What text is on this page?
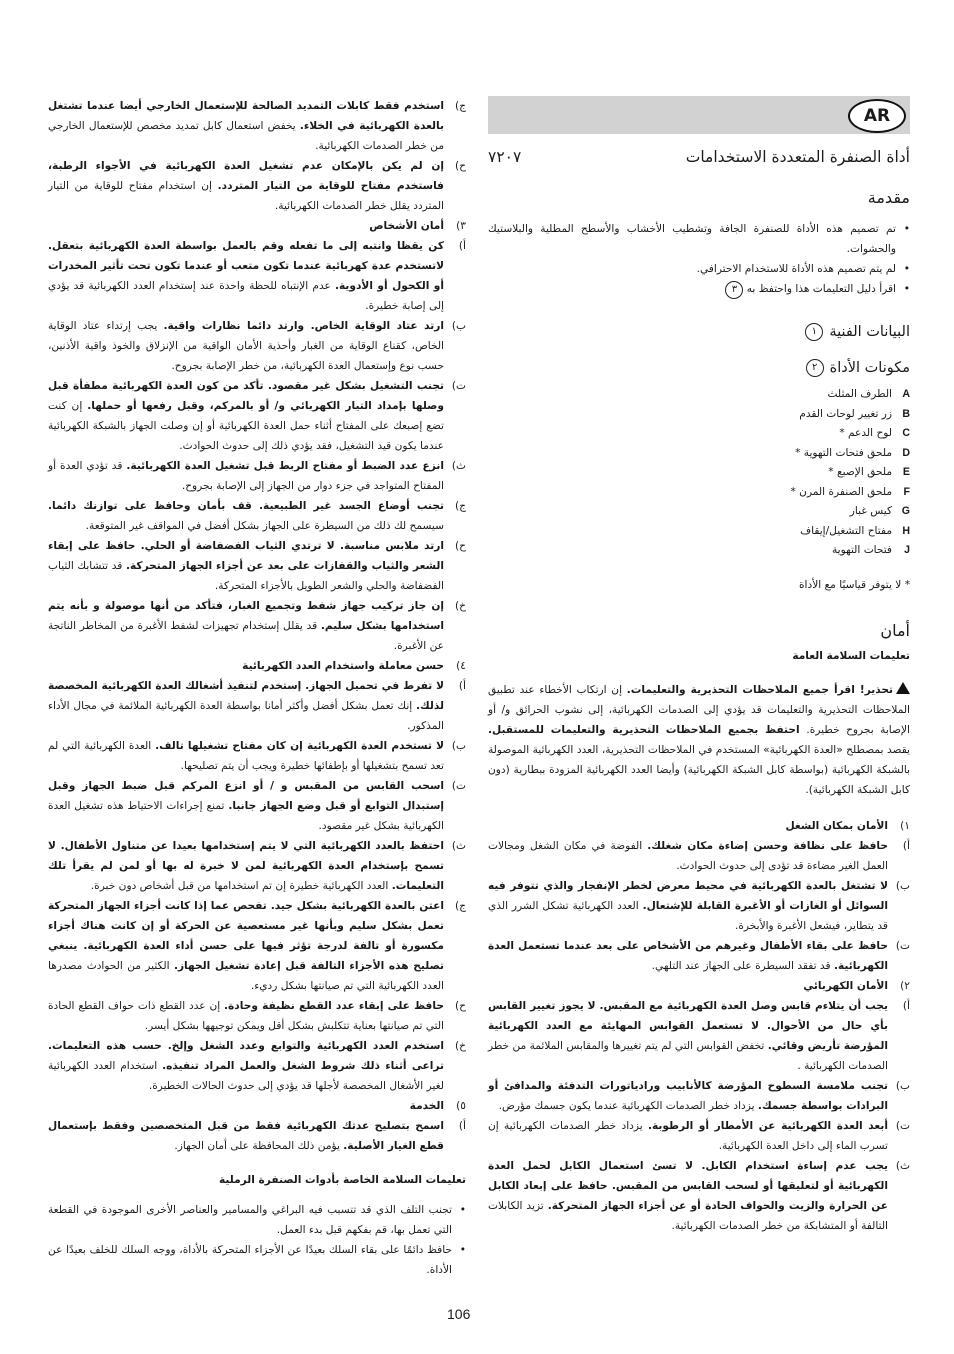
AR
أداة الصنفرة المتعددة الاستخدامات
٧٢٠٧
مقدمة
• تم تصميم هذه الأداة للصنفرة الجافة وتشطيب الأخشاب والأسطح المطلية والبلاستيك والحشوات.
• لم يتم تصميم هذه الأداة للاستخدام الاحترافي.
• اقرأ دليل التعليمات هذا واحتفظ به ٣
البيانات الفنية
١
مكونات الأداة
٢
Aالطرف المثلث
Bزر تغيير لوحات القدم
Cلوح الدعم *
Dملحق فتحات التهوية *
Eملحق الإصبع *
Fملحق الصنفرة المرن *
Gكيس غبار
Hمفتاح التشغيل/إيقاف
Jفتحات التهوية

* لا يتوفر قياسيًا مع الأداة

أمان

تعليمات السلامة العامة

تحذير! اقرأ جميع الملاحظات التحذيرية والتعليمات. إن ارتكاب الأخطاء عند تطبيق الملاحظات التحذيرية والتعليمات قد يؤدي إلى الصدمات الكهربائية، إلى نشوب الحرائق و/ أو الإصابة بجروح خطيرة. احتفظ بجميع الملاحظات التحذيرية والتعليمات للمستقبل. يقصد بمصطلح «العدة الكهربائية» المستخدم في الملاحظات التحذيرية، العدد الكهربائية الموصولة بالشبكة الكهربائية (بواسطة كابل الشبكة الكهربائية) وأيضا العدد الكهربائية المزودة ببطارية (دون كابل الشبكة الكهربائية).

١)

الأمان بمكان الشغل

أ)

حافظ على نظافة وحسن إضاءة مكان شغلك. الفوضة في مكان الشغل ومجالات العمل الغير مضاءة قد تؤدى إلى حدوث الحوادث.

ب)

لا تشتغل بالعدة الكهربائية في محيط معرض لخطر الإنفجار والذي تتوفر فيه السوائل أو الغازات أو الأغبرة القابلة للإشتعال. العدد الكهربائية تشكل الشرر الذي قد يتطاير، فيشعل الأغبرة والأبخرة.

ت)

حافظ على بقاء الأطفال وغيرهم من الأشخاص على بعد عندما تستعمل العدة الكهربائية. قد تفقد السيطرة على الجهاز عند التلهي.

٢)

الأمان الكهربائي

أ)

يجب أن يتلاءم قابس وصل العدة الكهربائية مع المقبس. لا يجوز تغيير القابس بأي حال من الأحوال. لا تستعمل القوابس المهايئة مع العدد الكهربائية المؤرضة تأريض وقائي. تخفض القوابس التي لم يتم تغييرها والمقابس الملائمة من خطر الصدمات الكهربائية .

ب)

تجنب ملامسة السطوح المؤرضة كالأنابيب ورادياتورات التدفئة والمدافئ أو البرادات بواسطة جسمك. يزداد خطر الصدمات الكهربائية عندما يكون جسمك مؤرض.

ت)

أبعد العدة الكهربائية عن الأمطار أو الرطوبة. يزداد خطر الصدمات الكهربائية إن تسرب الماء إلى داخل العدة الكهربائية.

ث)

يجب عدم إساءة استخدام الكابل. لا تسئ استعمال الكابل لحمل العدة الكهربائية أو لتعليقها أو لسحب القابس من المقبس. حافظ على إبعاد الكابل عن الحرارة والزيت والحواف الحادة أو عن أجزاء الجهاز المتحركة. تزيد الكابلات التالفة أو المتشابكة من خطر الصدمات الكهربائية.

ج)

استخدم فقط كابلات التمديد الصالحة للإستعمال الخارجي أيضا عندما تشتغل بالعدة الكهربائية في الخلاء. يخفض استعمال كابل تمديد مخصص للإستعمال الخارجي من خطر الصدمات الكهربائية.

ح)

إن لم يكن بالإمكان عدم تشغيل العدة الكهربائية في الأجواء الرطبة، فاستخدم مفتاح للوقاية من التيار المتردد. إن استخدام مفتاح للوقاية من التيار المتردد يقلل خطر الصدمات الكهربائية.

٣)

أمان الأشخاص

أ)

كن يقظا وانتبه إلى ما تفعله وقم بالعمل بواسطة العدة الكهربائية بتعقل. لاتستخدم عدة كهربائية عندما تكون متعب أو عندما تكون تحت تأثير المخدرات أو الكحول أو الأدوية. عدم الإنتباه للحظة واحدة عند إستخدام العدد الكهربائية قد يؤدي إلى إصابة خطيرة.

ب)

ارتد عتاد الوقاية الخاص. وارتد دائما نظارات واقية. يجب إرتداء عتاد الوقاية الخاص، كقناع الوقاية من الغبار وأحذية الأمان الواقية من الإنزلاق والخوذ واقية الأذنين، حسب نوع وإستعمال العدة الكهربائية، من خطر الإصابة بجروح.

ت)

تجنب التشغيل بشكل غير مقصود. تأكد من كون العدة الكهربائية مطفأة قبل وصلها بإمداد التيار الكهربائي و/ أو بالمركم، وقبل رفعها أو حملها. إن كنت تضع إصبعك على المفتاح أثناء حمل العدة الكهربائية أو إن وصلت الجهاز بالشبكة الكهربائية عندما يكون قيد التشغيل، فقد يؤدي ذلك إلى حدوث الحوادث.

ث)

انزع عدد الضبط أو مفتاح الربط قبل تشغيل العدة الكهربائية. قد تؤدي العدة أو المفتاح المتواجد في جزء دوار من الجهاز إلى الإصابة بجروح.

ج)

تجنب أوضاع الجسد غير الطبيعية. قف بأمان وحافظ على توازنك دائما. سيسمح لك ذلك من السيطرة على الجهاز بشكل أفضل في المواقف غير المتوقعة.

ح)

ارتد ملابس مناسبة. لا ترتدي الثياب الفضفاضة أو الحلي. حافظ على إبقاء الشعر والثياب والقفازات على بعد عن أجزاء الجهاز المتحركة. قد تتشابك الثياب الفضفاضة والحلي والشعر الطويل بالأجزاء المتحركة.

خ)

إن جاز تركيب جهاز شفط وتجميع الغبار، فتأكد من أنها موصولة و بأنه يتم استخدامها بشكل سليم. قد يقلل إستخدام تجهيزات لشفط الأغبرة من المخاطر الناتجة عن الأغبرة.

٤)

حسن معاملة واستخدام العدد الكهربائية

أ)

لا تفرط في تحميل الجهاز. إستخدم لتنفيذ أشغالك العدة الكهربائية المخصصة لذلك. إنك تعمل بشكل أفضل وأكثر أمانا بواسطة العدة الكهربائية الملائمة في مجال الأداء المذكور.

ب)

لا تستخدم العدة الكهربائية إن كان مفتاح تشغيلها تالف. العدة الكهربائية التي لم تعد تسمح بتشغيلها أو بإطفائها خطيرة ويجب أن يتم تصليحها.

ت)

اسحب القابس من المقبس و / أو انزع المركم قبل ضبط الجهاز وقبل إستبدال التوابع أو قبل وضع الجهاز جانبا. تمنع إجراءات الاحتياط هذه تشغيل العدة الكهربائية بشكل غير مقصود.

ث)

احتفظ بالعدد الكهربائية التي لا يتم إستخدامها بعيدا عن متناول الأطفال. لا تسمح بإستخدام العدة الكهربائية لمن لا خبرة له بها أو لمن لم يقرأ تلك التعليمات. العدد الكهربائية خطيرة إن تم استخدامها من قبل أشخاص دون خبرة.

ج)

اعتن بالعدة الكهربائية بشكل جيد. تفحص عما إذا كانت أجزاء الجهاز المتحركة تعمل بشكل سليم وبأنها غير مستعصية عن الحركة أو إن كانت هناك أجزاء مكسورة أو تالفة لدرجة تؤثر فيها على حسن أداء العدة الكهربائية. ينبغي تصليح هذه الأجزاء التالفة قبل إعادة تشغيل الجهاز. الكثير من الحوادث مصدرها العدد الكهربائية التي تم صيانتها بشكل رديء.

ح)

حافظ على إبقاء عدد القطع نظيفة وحادة. إن عدد القطع ذات حواف القطع الحادة التي تم صيانتها بعناية تتكلبش بشكل أقل ويمكن توجيهها بشكل أيسر.

خ)

استخدم العدد الكهربائية والتوابع وعدد الشغل وإلخ. حسب هذه التعليمات. تراعى أثناء ذلك شروط الشغل والعمل المراد تنفيذه. استخدام العدد الكهربائية لغير الأشغال المخصصة لأجلها قد يؤدي إلى حدوث الحالات الخطيرة.

٥)

الخدمة

أ)

اسمح بتصليح عدتك الكهربائية فقط من قبل المتخصصين وفقط بإستعمال قطع الغيار الأصلية. يؤمن ذلك المحافظة على أمان الجهاز.

تعليمات السلامة الخاصة بأدوات الصنفرة الرملية

• تجنب التلف الذي قد تتسبب فيه البراغي والمسامير والعناصر الأخرى الموجودة في القطعة التي تعمل بها، قم بفكهم قبل بدء العمل.
• حافظ دائمًا على بقاء السلك بعيدًا عن الأجزاء المتحركة بالأداة، ووجه السلك للخلف بعيدًا عن الأداة.
106
